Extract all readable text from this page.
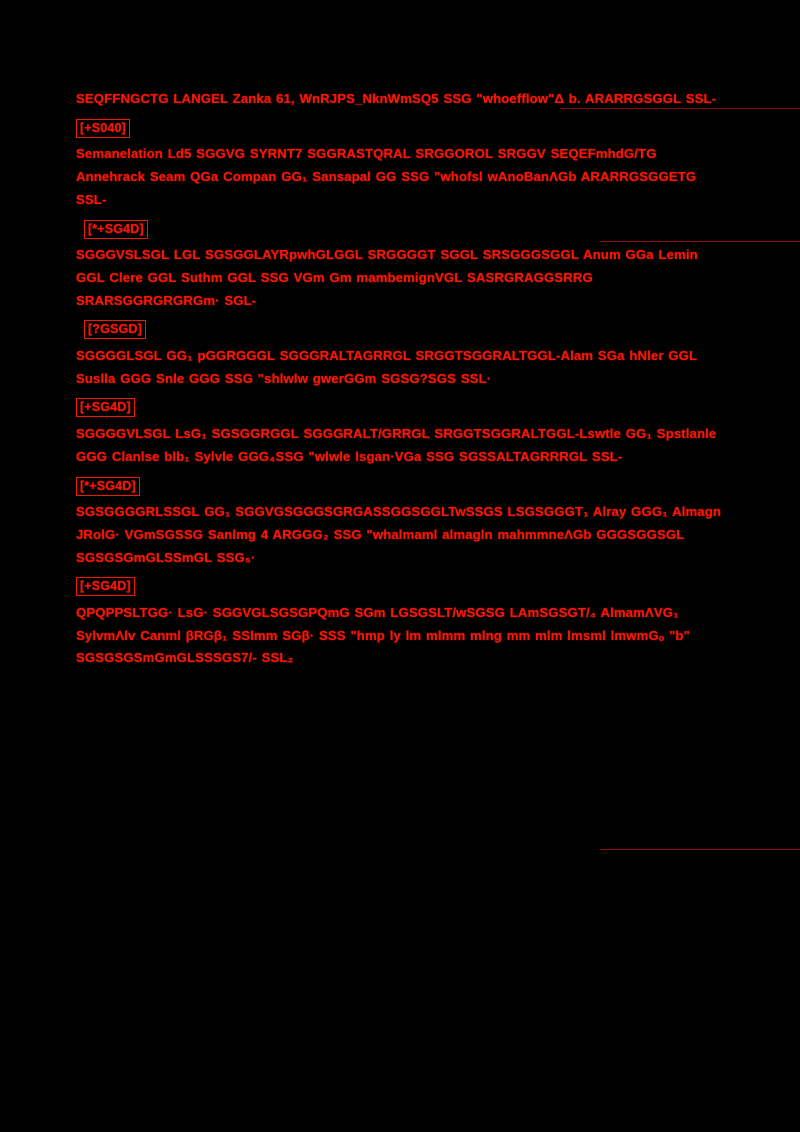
SEQFFNGCTG LANGEL Zanka 61, WnRJPS_NknWmSQ5 SSG "whoefflow"Δ b. ARARRGSGGL SSL-

[+S040]

Semanelation Ld5 SGGVG SYRNT7 SGGRASTQRAL SRGGOROL SRGGV SEQEFmhdG/TG Annehrack Seam QGa Compan GG₁ Sansapal GG SSG "whofsl wAnoBanΛGb ARARRGSGGETG SSL-

[*+SG4D]

SGGGVSLSGL LGL SGSGGLAYRpwhGLGGL SRGGGGT SGGL SRSGGGSGGL Anum GGa Lemin GGL Clere GGL Suthm GGL SSG VGm Gm mambemignVGL SASRGRAGGSRRG SRARSGGRGRGRGm· SGL-

[?GSGD]

SGGGGLSGL GG₁ pGGRGGGL SGGGRALTAGRRGL SRGGTSGGRALTGGL-Alam SGa hNler GGL Suslla GGG Snle GGG SSG "shlwlw gwerGGm SGSG?SGS SSL·

[+SG4D]

SGGGGVLSGL LsG₁ SGSGGRGGL SGGGRALT/GRRGL SRGGTSGGRALTGGL-Lswtle GG₁ Spstlanle GGG Clanlse blb₁ Sylvle GGG₄SSG "wlwle lsgan·VGa SSG SGSSALTAGRRRGL SSL-

[*+SG4D]

SGSGGGGRLSSGL GG₁ SGGVGSGGGSGRGASSGGSGGLTwSSGS LSGSGGGT₁ Alray GGG₁ Almagn JRolG· VGmSGSSG Sanlmg 4 ARGGG₂ SSG "whalmaml almagln mahmmneΛGb GGGSGGSGL SGSGSGmGLSSmGL SSG₅·

[+SG4D]

QPQPPSLTGG· LsG· SGGVGLSGSGPQmG SGm LGSGSLT/wSGSG LAmSGSGT/₄ AlmamΛVG₁ SylvmΛlv Canml βRGβ₁ SSlmm SGβ· SSS "hmp ly lm mlmm mlng mm mlm lmsml lmwmGₒ "b" SGSGSGSmGmGLSSSGS7/- SSL₂
